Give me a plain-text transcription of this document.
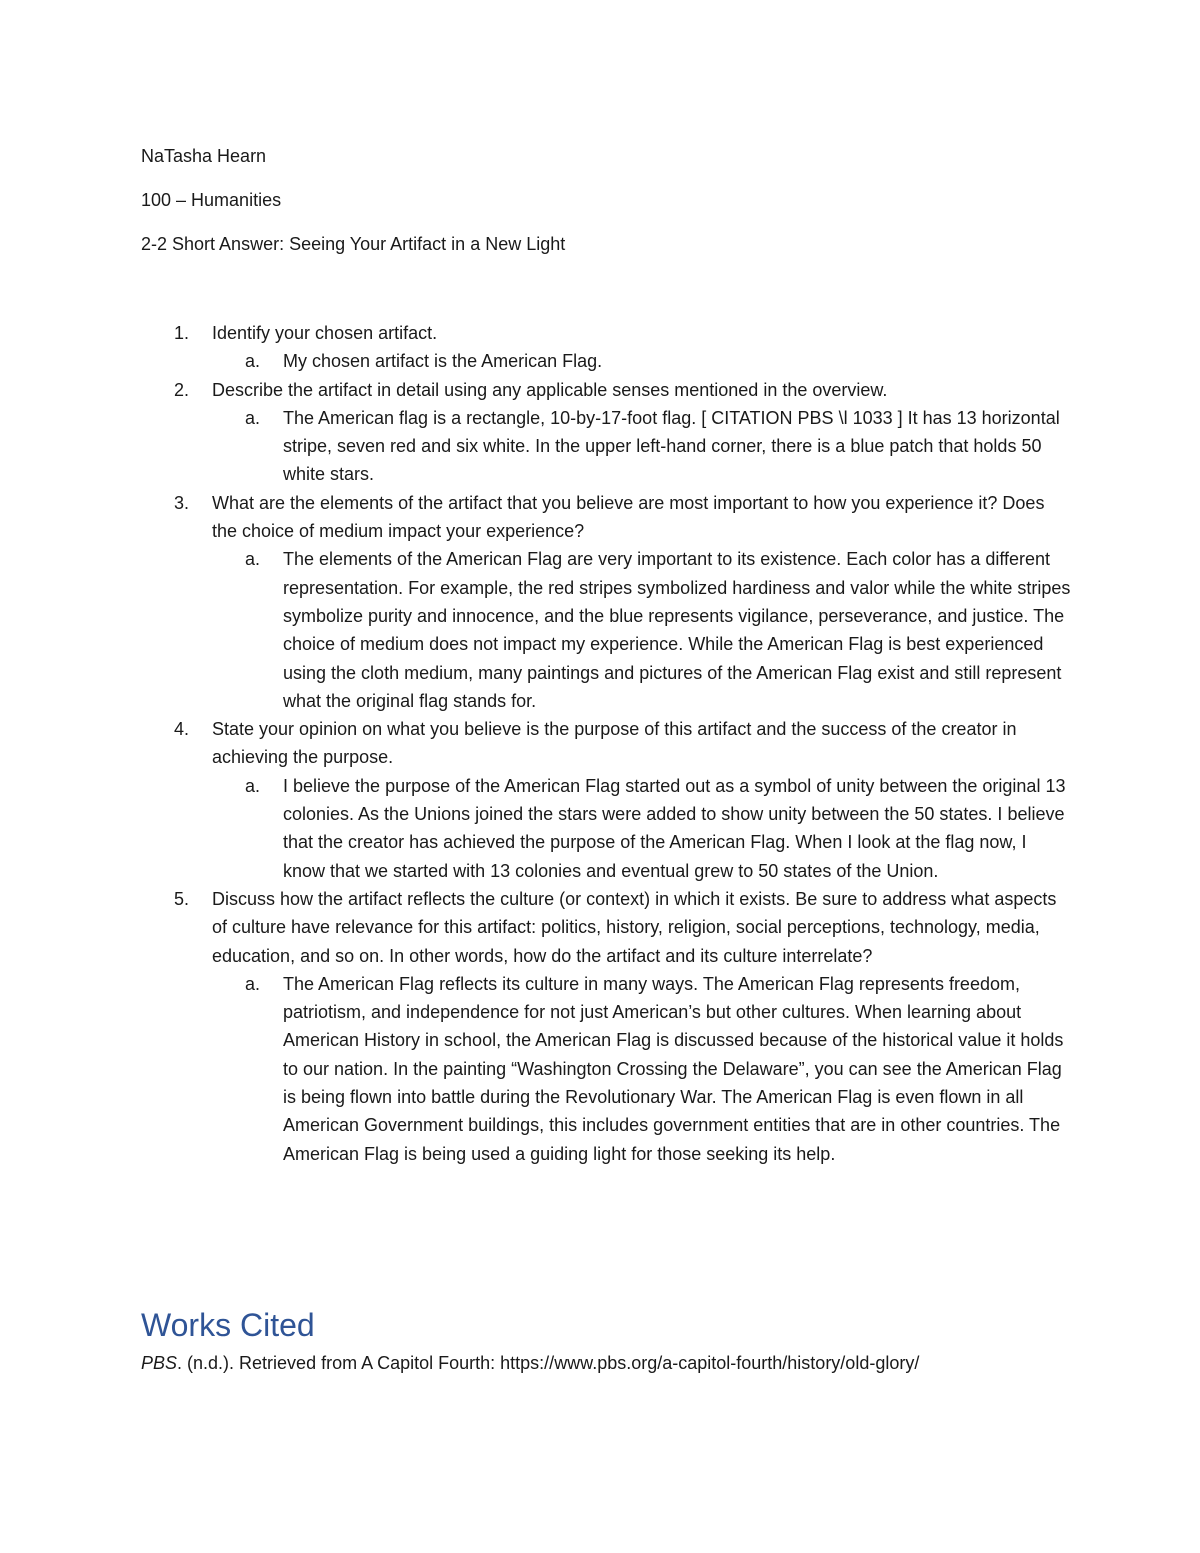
NaTasha Hearn
100 – Humanities
2-2 Short Answer: Seeing Your Artifact in a New Light
1. Identify your chosen artifact.
a. My chosen artifact is the American Flag.
2. Describe the artifact in detail using any applicable senses mentioned in the overview.
a. The American flag is a rectangle, 10-by-17-foot flag. [ CITATION PBS \l 1033 ] It has 13 horizontal stripe, seven red and six white. In the upper left-hand corner, there is a blue patch that holds 50 white stars.
3. What are the elements of the artifact that you believe are most important to how you experience it? Does the choice of medium impact your experience?
a. The elements of the American Flag are very important to its existence. Each color has a different representation. For example, the red stripes symbolized hardiness and valor while the white stripes symbolize purity and innocence, and the blue represents vigilance, perseverance, and justice. The choice of medium does not impact my experience. While the American Flag is best experienced using the cloth medium, many paintings and pictures of the American Flag exist and still represent what the original flag stands for.
4. State your opinion on what you believe is the purpose of this artifact and the success of the creator in achieving the purpose.
a. I believe the purpose of the American Flag started out as a symbol of unity between the original 13 colonies. As the Unions joined the stars were added to show unity between the 50 states. I believe that the creator has achieved the purpose of the American Flag. When I look at the flag now, I know that we started with 13 colonies and eventual grew to 50 states of the Union.
5. Discuss how the artifact reflects the culture (or context) in which it exists. Be sure to address what aspects of culture have relevance for this artifact: politics, history, religion, social perceptions, technology, media, education, and so on. In other words, how do the artifact and its culture interrelate?
a. The American Flag reflects its culture in many ways. The American Flag represents freedom, patriotism, and independence for not just American’s but other cultures. When learning about American History in school, the American Flag is discussed because of the historical value it holds to our nation. In the painting “Washington Crossing the Delaware”, you can see the American Flag is being flown into battle during the Revolutionary War. The American Flag is even flown in all American Government buildings, this includes government entities that are in other countries. The American Flag is being used a guiding light for those seeking its help.
Works Cited
PBS. (n.d.). Retrieved from A Capitol Fourth: https://www.pbs.org/a-capitol-fourth/history/old-glory/
